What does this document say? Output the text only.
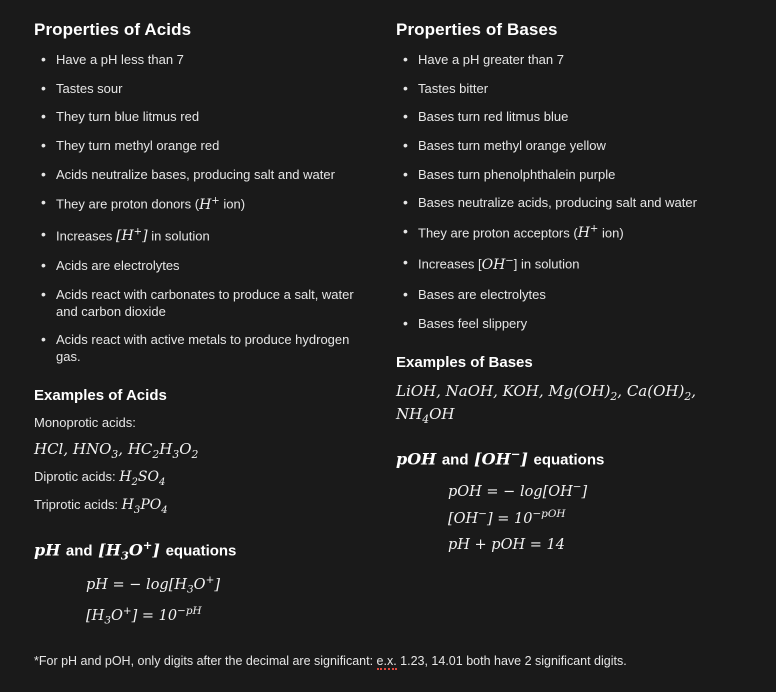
Properties of Acids
• Have a pH less than 7
• Tastes sour
• They turn blue litmus red
• They turn methyl orange red
• Acids neutralize bases, producing salt and water
• They are proton donors (H+ ion)
• Increases [H+] in solution
• Acids are electrolytes
• Acids react with carbonates to produce a salt, water and carbon dioxide
• Acids react with active metals to produce hydrogen gas.
Examples of Acids

Monoprotic acids:

HCl, $HNO_3$, $HC_2H_3O_2$

Diprotic acids: $H_2SO_4$

Triprotic acids: $H_3PO_4$

pH and $[H_3O^+]$ equations

pH = − $\log[H_3O^+]$

$[H_3O^+] = 10^{-pH}$

Properties of Bases
• Have a pH greater than 7
• Tastes bitter
• Bases turn red litmus blue
• Bases turn methyl orange yellow
• Bases turn phenolphthalein purple
• Bases neutralize acids, producing salt and water
• They are proton acceptors (H+ ion)
• Increases [OH−] in solution
• Bases are electrolytes
• Bases feel slippery
Examples of Bases

LiOH, NaOH, KOH, $Mg(OH)_2$, $Ca(OH)_2$, $NH_4OH$

pOH and [OH−] equations

pOH = − log[OH−]

$[OH^-] = 10^{-pOH}$

pH + pOH = 14

*For pH and pOH, only digits after the decimal are significant: e.x. 1.23, 14.01 both have 2 significant digits.
